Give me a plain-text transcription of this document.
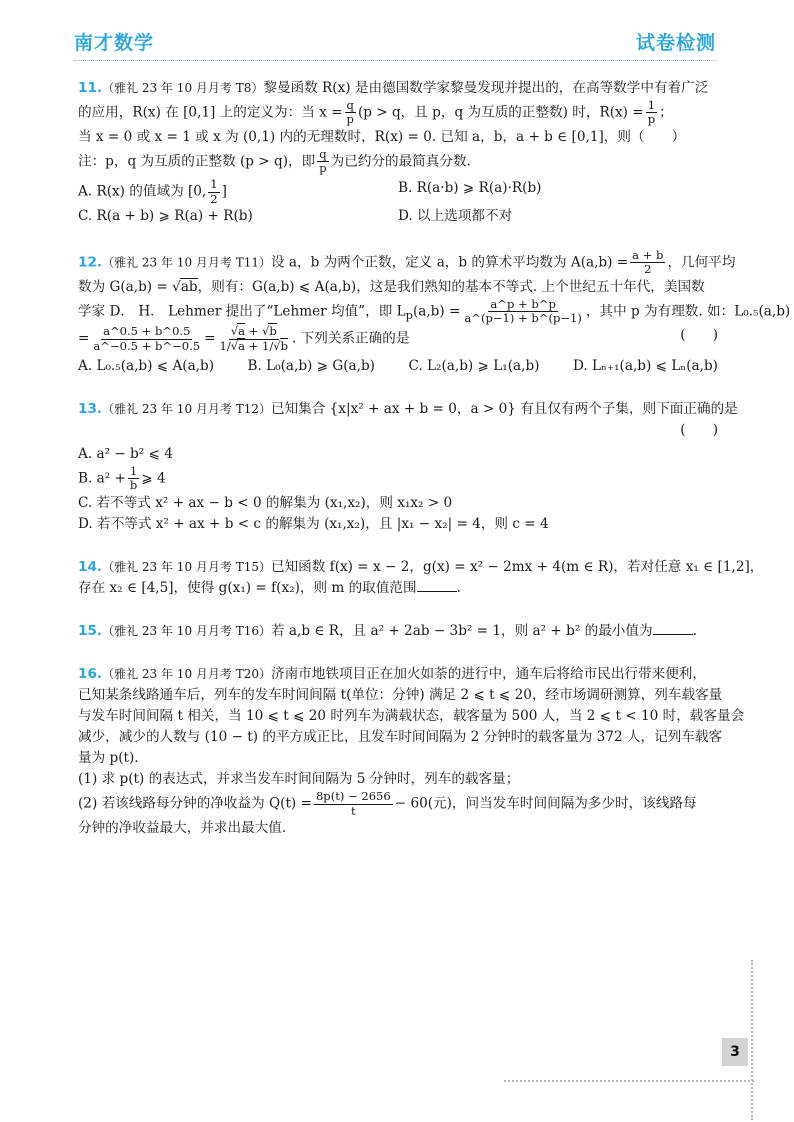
南才数学	试卷检测

11.（雅礼 23 年 10 月月考 T8）黎曼函数 R(x) 是由德国数学家黎曼发现并提出的，在高等数学中有着广泛

的应用，R(x) 在 [0,1] 上的定义为：当 $x = \frac{q}{p} (p > q$，且 p，q 为互质的正整数) 时，$R(x) = \frac{1}{p}$ ；

当 x = 0 或 x = 1 或 x 为 (0,1) 内的无理数时，R(x) = 0. 已知 a，b，a + b ∈ [0,1]，则（　　）

注：p，q 为互质的正整数 (p > q)，即 $\frac{q}{p}$ 为已约分的最简真分数.

A. R(x) 的值域为 [0, $\frac{1}{2}$ ]	B. R(a·b) ⩾ R(a)·R(b)
C. R(a + b) ⩾ R(a) + R(b)	D. 以上选项都不对

12.（雅礼 23 年 10 月月考 T11）设 a，b 为两个正数，定义 a，b 的算术平均数为 $A(a,b) = \frac{a + b}{2}$ ，几何平均

数为 G(a,b) = √ab，则有：G(a,b) ⩽ A(a,b)，这是我们熟知的基本不等式. 上个世纪五十年代，美国数

学家 D． H． Lehmer 提出了“Lehmer 均值”，即 $L_p(a,b) = \frac{a\^{}p + b\^{}p}{a\^{}(p-1) + b\^{}(p-1)}$ ，其中 p 为有理数. 如：L₀.₅(a,b)

= $\frac{a\^{}0.5 + b\^{}0.5}{a\^{}-0.5 + b\^{}-0.5} = \frac{√a + √b}{1/√a + 1/√b}$ . 下列关系正确的是	(　　)

A. L₀.₅(a,b) ⩽ A(a,b) B. L₀(a,b) ⩾ G(a,b) C. L₂(a,b) ⩾ L₁(a,b) D. Lₙ₊₁(a,b) ⩽ Lₙ(a,b)

13.（雅礼 23 年 10 月月考 T12）已知集合 {x|x² + ax + b = 0，a > 0} 有且仅有两个子集，则下面正确的是

(　　)

A. a² − b² ⩽ 4
B. $a^2 + \frac{1}{b}$ ⩾ 4
C. 若不等式 x² + ax − b < 0 的解集为 (x₁,x₂)，则 x₁x₂ > 0
D. 若不等式 x² + ax + b < c 的解集为 (x₁,x₂)，且 |x₁ − x₂| = 4，则 c = 4

14.（雅礼 23 年 10 月月考 T15）已知函数 f(x) = x − 2，g(x) = x² − 2mx + 4(m ∈ R)，若对任意 x₁ ∈ [1,2]，

存在 x₂ ∈ [4,5]，使得 g(x₁) = f(x₂)，则 m 的取值范围	.

15.（雅礼 23 年 10 月月考 T16）若 a,b ∈ R，且 a² + 2ab − 3b² = 1，则 a² + b² 的最小值为	.

16.（雅礼 23 年 10 月月考 T20）济南市地铁项目正在加火如荼的进行中，通车后将给市民出行带来便利，

已知某条线路通车后，列车的发车时间间隔 t(单位：分钟) 满足 2 ⩽ t ⩽ 20，经市场调研测算，列车载客量

与发车时间间隔 t 相关，当 10 ⩽ t ⩽ 20 时列车为满载状态，载客量为 500 人，当 2 ⩽ t < 10 时，载客量会

减少，减少的人数与 (10 − t) 的平方成正比，且发车时间间隔为 2 分钟时的载客量为 372 人，记列车载客

量为 p(t).

(1) 求 p(t) 的表达式，并求当发车时间间隔为 5 分钟时，列车的载客量；

(2) 若该线路每分钟的净收益为 $Q(t) = \frac{8p(t) - 2656}{t} - 60$(元)，问当发车时间间隔为多少时，该线路每

分钟的净收益最大，并求出最大值.

3
